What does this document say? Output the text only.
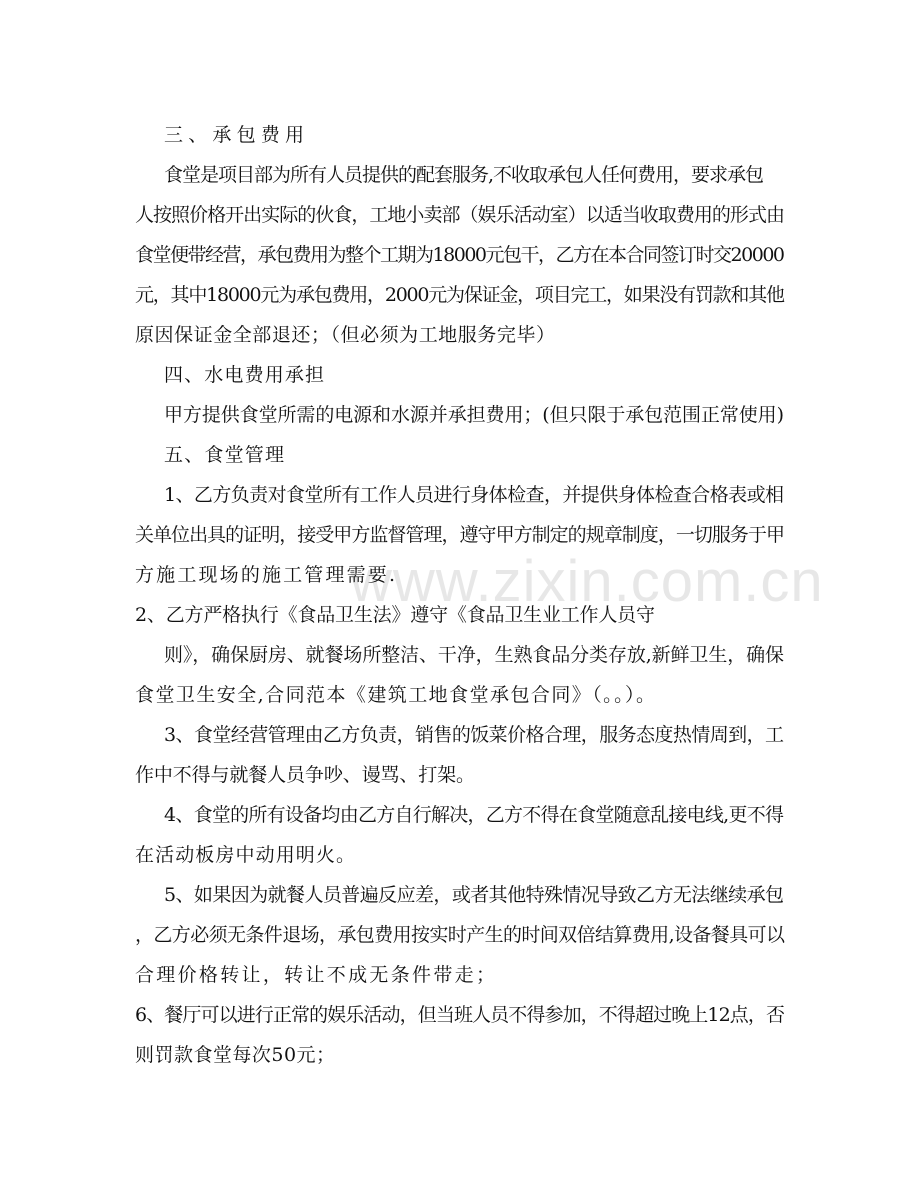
www.zixin.com.cn
三、承包费用
食堂是项目部为所有人员提供的配套服务,不收取承包人任何费用，要求承包
人按照价格开出实际的伙食，工地小卖部（娱乐活动室）以适当收取费用的形式由
食堂便带经营，承包费用为整个工期为18000元包干，乙方在本合同签订时交20000
元，其中18000元为承包费用，2000元为保证金，项目完工，如果没有罚款和其他
原因保证金全部退还；（但必须为工地服务完毕）
四、水电费用承担
甲方提供食堂所需的电源和水源并承担费用；(但只限于承包范围正常使用)
五、食堂管理
1、乙方负责对食堂所有工作人员进行身体检查，并提供身体检查合格表或相
关单位出具的证明，接受甲方监督管理，遵守甲方制定的规章制度，一切服务于甲
方施工现场的施工管理需要.
2、乙方严格执行《食品卫生法》遵守《食品卫生业工作人员守
则》，确保厨房、就餐场所整洁、干净，生熟食品分类存放,新鲜卫生，确保
食堂卫生安全,合同范本《建筑工地食堂承包合同》（。。）。
3、食堂经营管理由乙方负责，销售的饭菜价格合理，服务态度热情周到，工
作中不得与就餐人员争吵、谩骂、打架。
4、食堂的所有设备均由乙方自行解决，乙方不得在食堂随意乱接电线,更不得
在活动板房中动用明火。
5、如果因为就餐人员普遍反应差，或者其他特殊情况导致乙方无法继续承包
，乙方必须无条件退场，承包费用按实时产生的时间双倍结算费用,设备餐具可以
合理价格转让，转让不成无条件带走；
6、餐厅可以进行正常的娱乐活动，但当班人员不得参加，不得超过晚上12点，否
则罚款食堂每次50元；
